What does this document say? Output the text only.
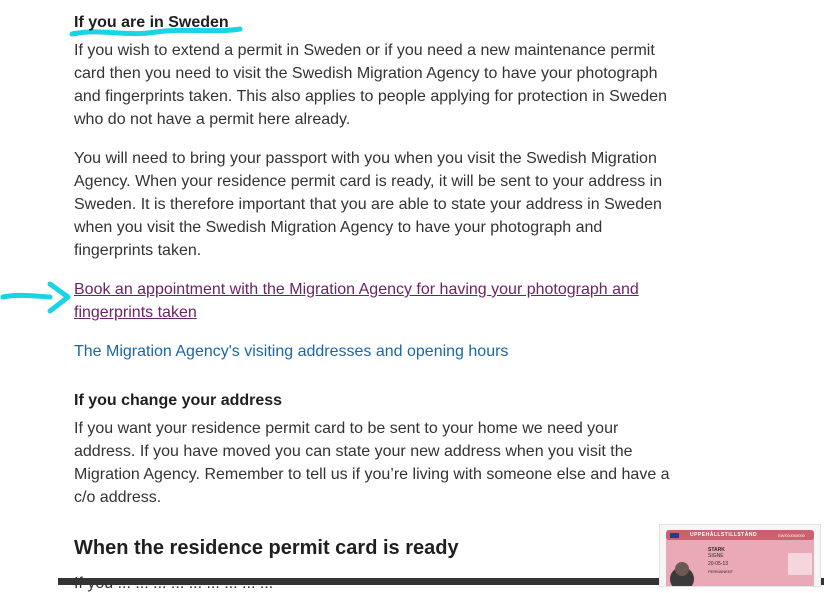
If you are in Sweden

If you wish to extend a permit in Sweden or if you need a new maintenance permit card then you need to visit the Swedish Migration Agency to have your photograph and fingerprints taken. This also applies to people applying for protection in Sweden who do not have a permit here already.

You will need to bring your passport with you when you visit the Swedish Migration Agency. When your residence permit card is ready, it will be sent to your address in Sweden. It is therefore important that you are able to state your address in Sweden when you visit the Swedish Migration Agency to have your photograph and fingerprints taken.

Book an appointment with the Migration Agency for having your photograph and fingerprints taken
The Migration Agency's visiting addresses and opening hours
If you change your address

If you want your residence permit card to be sent to your home we need your address. If you have moved you can state your new address when you visit the Migration Agency. Remember to tell us if you’re living with someone else and have a c/o address.

When the residence permit card is ready
UPPEHÅLLSTILLSTÅND	SWE00000000
STARK
SIGNE
20-05-13
PERMANENT
